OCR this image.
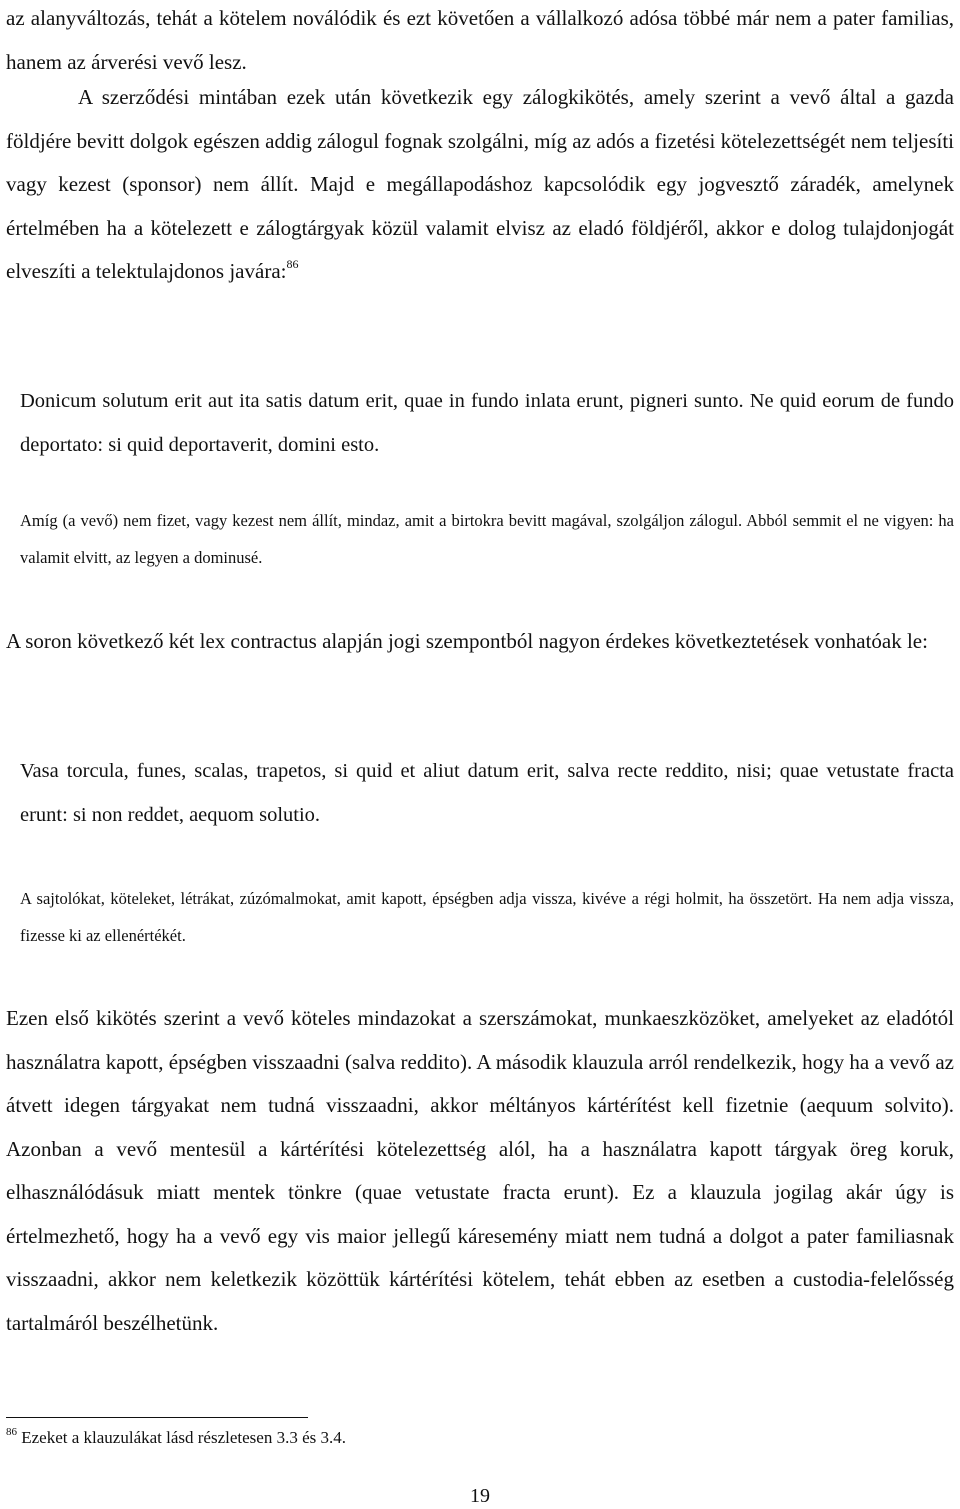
az alanyváltozás, tehát a kötelem noválódik és ezt követően a vállalkozó adósa többé már nem a pater familias, hanem az árverési vevő lesz.

A szerződési mintában ezek után következik egy zálogkikötés, amely szerint a vevő által a gazda földjére bevitt dolgok egészen addig zálogul fognak szolgálni, míg az adós a fizetési kötelezettségét nem teljesíti vagy kezest (sponsor) nem állít. Majd e megállapodáshoz kapcsolódik egy jogvesztő záradék, amelynek értelmében ha a kötelezett e zálogtárgyak közül valamit elvisz az eladó földjéről, akkor e dolog tulajdonjogát elveszíti a telektulajdonos javára:$^{86}$

Donicum solutum erit aut ita satis datum erit, quae in fundo inlata erunt, pigneri sunto. Ne quid eorum de fundo deportato: si quid deportaverit, domini esto.

Amíg (a vevő) nem fizet, vagy kezest nem állít, mindaz, amit a birtokra bevitt magával, szolgáljon zálogul. Abból semmit el ne vigyen: ha valamit elvitt, az legyen a dominusé.

A soron következő két lex contractus alapján jogi szempontból nagyon érdekes következtetések vonhatóak le:

Vasa torcula, funes, scalas, trapetos, si quid et aliut datum erit, salva recte reddito, nisi; quae vetustate fracta erunt: si non reddet, aequom solutio.

A sajtolókat, köteleket, létrákat, zúzómalmokat, amit kapott, épségben adja vissza, kivéve a régi holmit, ha összetört. Ha nem adja vissza, fizesse ki az ellenértékét.

Ezen első kikötés szerint a vevő köteles mindazokat a szerszámokat, munkaeszközöket, amelyeket az eladótól használatra kapott, épségben visszaadni (salva reddito). A második klauzula arról rendelkezik, hogy ha a vevő az átvett idegen tárgyakat nem tudná visszaadni, akkor méltányos kártérítést kell fizetnie (aequum solvito). Azonban a vevő mentesül a kártérítési kötelezettség alól, ha a használatra kapott tárgyak öreg koruk, elhasználódásuk miatt mentek tönkre (quae vetustate fracta erunt). Ez a klauzula jogilag akár úgy is értelmezhető, hogy ha a vevő egy vis maior jellegű káresemény miatt nem tudná a dolgot a pater familiasnak visszaadni, akkor nem keletkezik közöttük kártérítési kötelem, tehát ebben az esetben a custodia-felelősség tartalmáról beszélhetünk.

$^{86}$ Ezeket a klauzulákat lásd részletesen 3.3 és 3.4.

19
